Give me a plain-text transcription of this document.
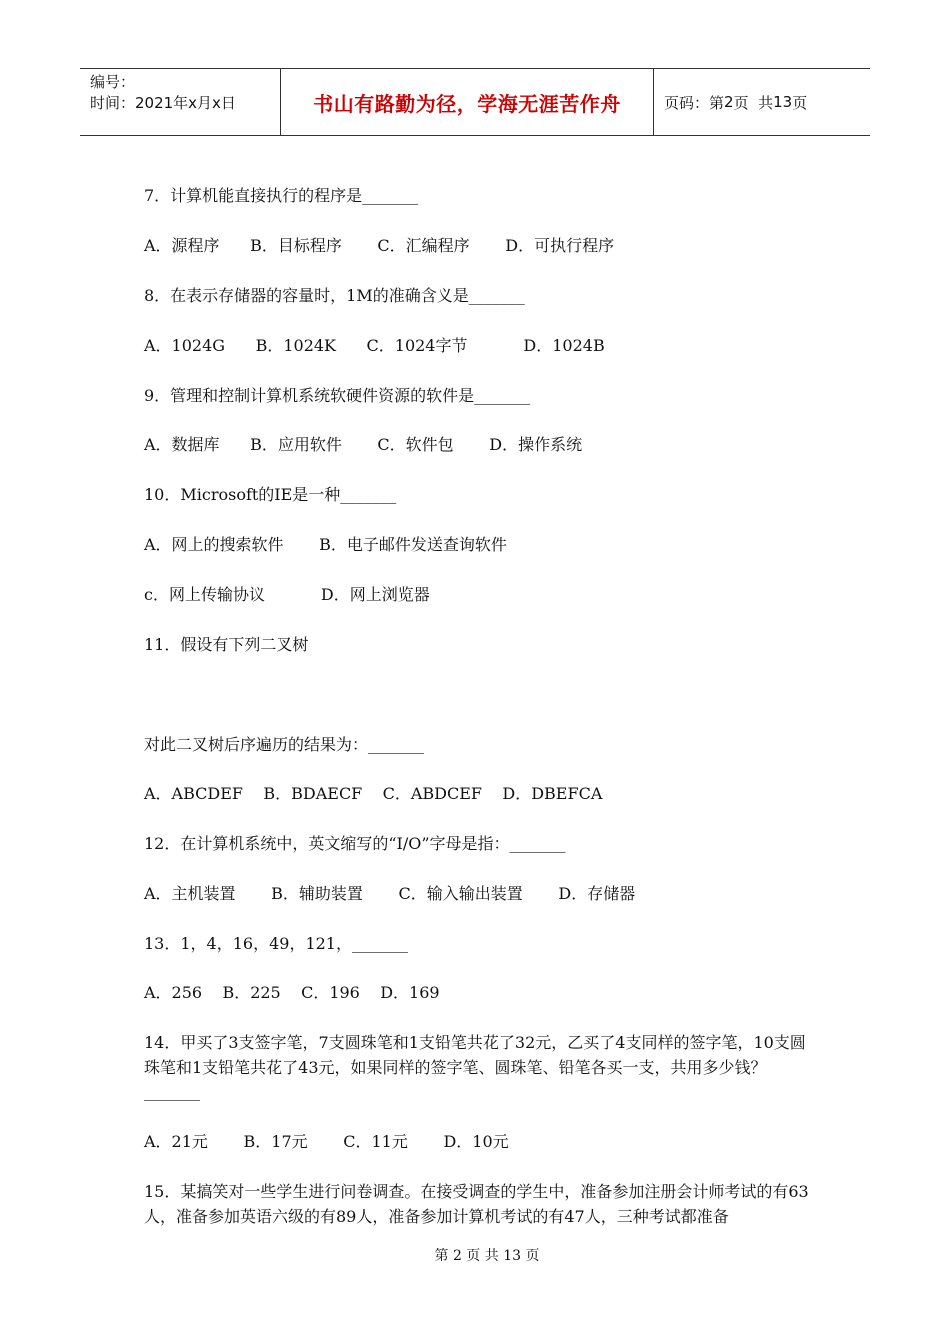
编号：
时间：2021年x月x日	书山有路勤为径，学海无涯苦作舟	页码：第 2 页  共 13 页
7．计算机能直接执行的程序是_______
A．源程序      B．目标程序       C．汇编程序       D．可执行程序
8．在表示存储器的容量时，1M的准确含义是_______
A．1024G      B．1024K      C．1024字节           D．1024B
9．管理和控制计算机系统软硬件资源的软件是_______
A．数据库      B．应用软件       C．软件包       D．操作系统
10．Microsoft的IE是一种_______
A．网上的搜索软件       B．电子邮件发送查询软件
c．网上传输协议           D．网上浏览器
11．假设有下列二叉树
对此二叉树后序遍历的结果为：_______
A．ABCDEF    B．BDAECF    C．ABDCEF    D．DBEFCA
12．在计算机系统中，英文缩写的“I/O”字母是指：_______
A．主机装置       B．辅助装置       C．输入输出装置       D．存储器
13．1，4，16，49，121，_______
A．256    B．225    C．196    D．169
14．甲买了3支签字笔，7支圆珠笔和1支铅笔共花了32元，乙买了4支同样的签字笔，10支圆珠笔和1支铅笔共花了43元，如果同样的签字笔、圆珠笔、铅笔各买一支，共用多少钱？_______
A．21元       B．17元       C．11元       D．10元
15．某搞笑对一些学生进行问卷调查。在接受调查的学生中，准备参加注册会计师考试的有63人，准备参加英语六级的有89人，准备参加计算机考试的有47人，三种考试都准备
第 2 页 共 13 页
